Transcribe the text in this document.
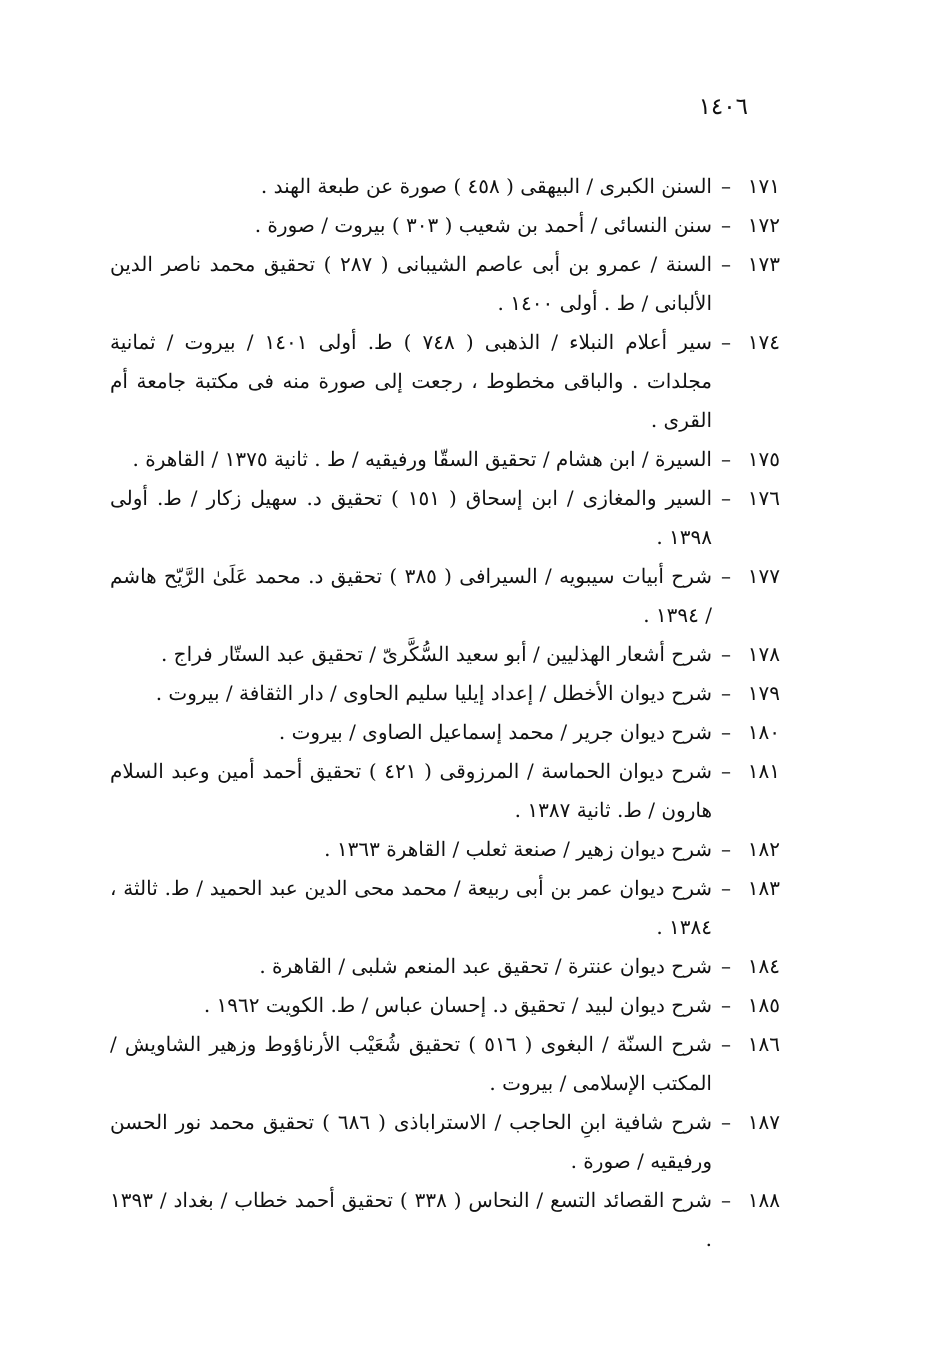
١٤٠٦
١٧١
–
السنن الكبرى / البيهقى ( ٤٥٨ ) صورة عن طبعة الهند .
١٧٢
–
سنن النسائى / أحمد بن شعيب ( ٣٠٣ ) بيروت / صورة .
١٧٣
–
السنة / عمرو بن أبى عاصم الشيبانى ( ٢٨٧ ) تحقيق محمد ناصر الدين الألبانى / ط . أولى ١٤٠٠ .
١٧٤
–
سير أعلام النبلاء / الذهبى ( ٧٤٨ ) ط. أولى ١٤٠١ / بيروت / ثمانية مجلدات . والباقى مخطوط ، رجعت إلى صورة منه فى مكتبة جامعة أم القرى .
١٧٥
–
السيرة / ابن هشام / تحقيق السقّا ورفيقيه / ط . ثانية ١٣٧٥ / القاهرة .
١٧٦
–
السير والمغازى / ابن إسحاق ( ١٥١ ) تحقيق د. سهيل زكار / ط. أولى ١٣٩٨ .
١٧٧
–
شرح أبيات سيبويه / السيرافى ( ٣٨٥ ) تحقيق د. محمد عَلَىٰ الرَّيّح هاشم / ١٣٩٤ .
١٧٨
–
شرح أشعار الهذليين / أبو سعيد السُّكَّرىّ / تحقيق عبد الستّار فراج .
١٧٩
–
شرح ديوان الأخطل / إعداد إيليا سليم الحاوى / دار الثقافة / بيروت .
١٨٠
–
شرح ديوان جرير / محمد إسماعيل الصاوى / بيروت .
١٨١
–
شرح ديوان الحماسة / المرزوقى ( ٤٢١ ) تحقيق أحمد أمين وعبد السلام هارون / ط. ثانية ١٣٨٧ .
١٨٢
–
شرح ديوان زهير / صنعة ثعلب / القاهرة ١٣٦٣ .
١٨٣
–
شرح ديوان عمر بن أبى ربيعة / محمد محى الدين عبد الحميد / ط. ثالثة ، ١٣٨٤ .
١٨٤
–
شرح ديوان عنترة / تحقيق عبد المنعم شلبى / القاهرة .
١٨٥
–
شرح ديوان لبيد / تحقيق د. إحسان عباس / ط. الكويت ١٩٦٢ .
١٨٦
–
شرح السنّة / البغوى ( ٥١٦ ) تحقيق شُعَيْب الأرناؤوط وزهير الشاويش / المكتب الإسلامى / بيروت .
١٨٧
–
شرح شافية ابنِ الحاجب / الاستراباذى ( ٦٨٦ ) تحقيق محمد نور الحسن ورفيقيه / صورة .
١٨٨
–
شرح القصائد التسع / النحاس ( ٣٣٨ ) تحقيق أحمد خطاب / بغداد / ١٣٩٣ .
